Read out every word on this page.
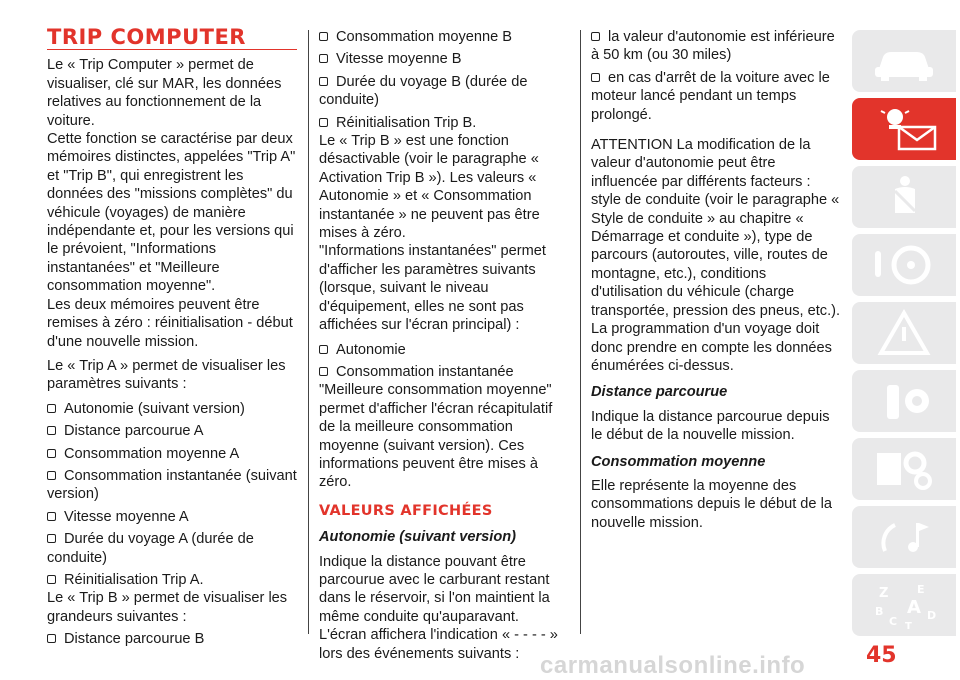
TRIP COMPUTER

Le « Trip Computer » permet de visualiser, clé sur MAR, les données relatives au fonctionnement de la voiture.

Cette fonction se caractérise par deux mémoires distinctes, appelées "Trip A" et "Trip B", qui enregistrent les données des "missions complètes" du véhicule (voyages) de manière indépendante et, pour les versions qui le prévoient, "Informations instantanées" et "Meilleure consommation moyenne".

Les deux mémoires peuvent être remises à zéro : réinitialisation - début d'une nouvelle mission.

Le « Trip A » permet de visualiser les paramètres suivants :

Autonomie (suivant version)
Distance parcourue A
Consommation moyenne A
Consommation instantanée (suivant version)
Vitesse moyenne A
Durée du voyage A (durée de conduite)
Réinitialisation Trip A.

Le « Trip B » permet de visualiser les grandeurs suivantes :

Distance parcourue B
Consommation moyenne B
Vitesse moyenne B
Durée du voyage B (durée de conduite)
Réinitialisation Trip B.

Le « Trip B » est une fonction désactivable (voir le paragraphe « Activation Trip B »). Les valeurs « Autonomie » et « Consommation instantanée » ne peuvent pas être mises à zéro.

"Informations instantanées" permet d'afficher les paramètres suivants (lorsque, suivant le niveau d'équipement, elles ne sont pas affichées sur l'écran principal) :

Autonomie
Consommation instantanée

"Meilleure consommation moyenne" permet d'afficher l'écran récapitulatif de la meilleure consommation moyenne (suivant version). Ces informations peuvent être mises à zéro.

VALEURS AFFICHÉES
Autonomie (suivant version)

Indique la distance pouvant être parcourue avec le carburant restant dans le réservoir, si l'on maintient la même conduite qu'auparavant. L'écran affichera l'indication « - - - - » lors des événements suivants :

la valeur d'autonomie est inférieure à 50 km (ou 30 miles)
en cas d'arrêt de la voiture avec le moteur lancé pendant un temps prolongé.

ATTENTION La modification de la valeur d'autonomie peut être influencée par différents facteurs : style de conduite (voir le paragraphe « Style de conduite » au chapitre « Démarrage et conduite »), type de parcours (autoroutes, ville, routes de montagne, etc.), conditions d'utilisation du véhicule (charge transportée, pression des pneus, etc.). La programmation d'un voyage doit donc prendre en compte les données énumérées ci-dessus.

Distance parcourue

Indique la distance parcourue depuis le début de la nouvelle mission.

Consommation moyenne

Elle représente la moyenne des consommations depuis le début de la nouvelle mission.

Z	E
B A D
C T
45
carmanualsonline.info
